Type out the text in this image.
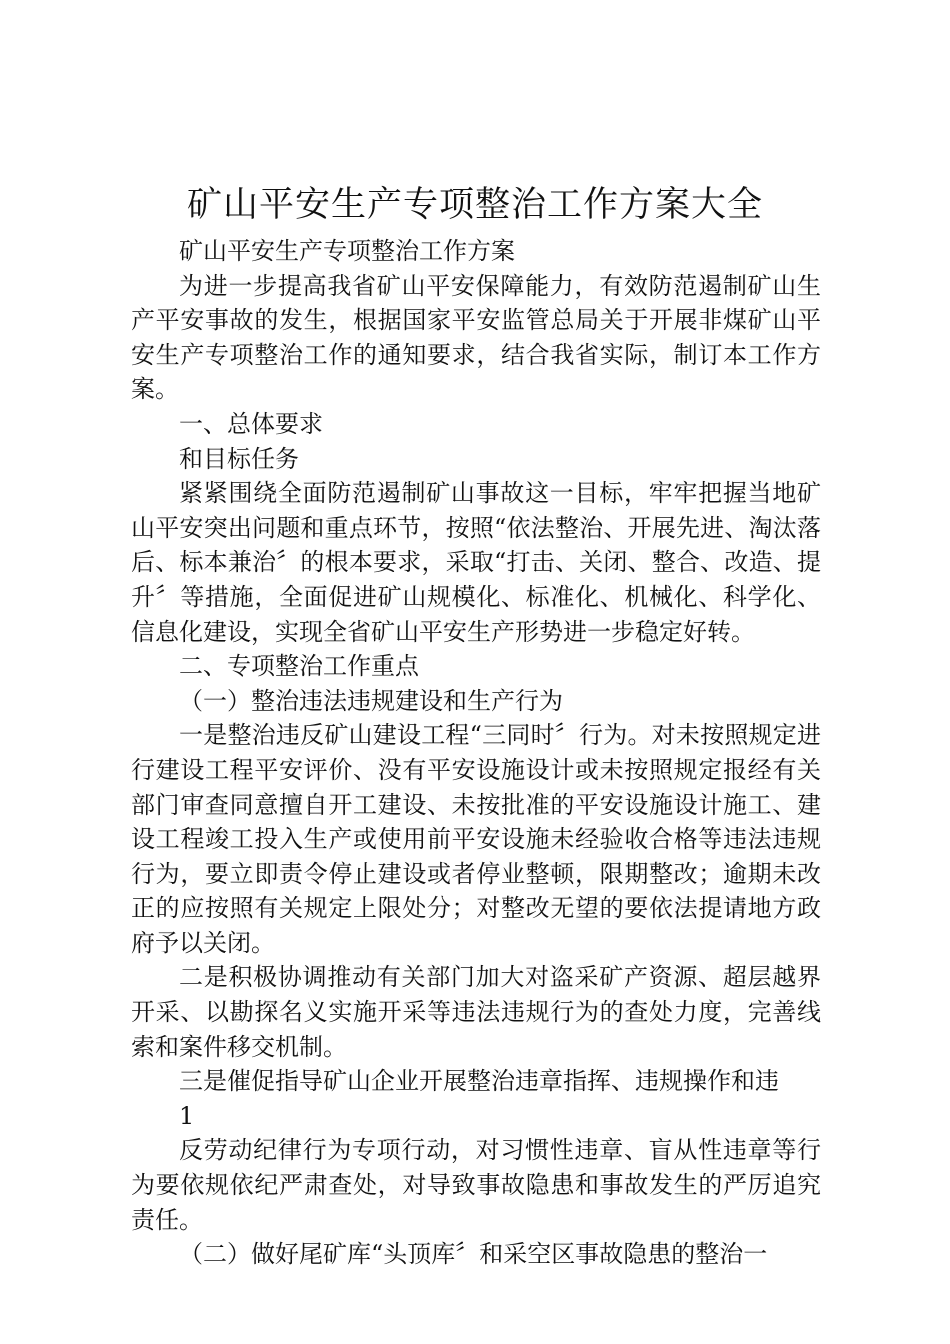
矿山平安生产专项整治工作方案大全

矿山平安生产专项整治工作方案

为进一步提高我省矿山平安保障能力，有效防范遏制矿山生产平安事故的发生，根据国家平安监管总局关于开展非煤矿山平安生产专项整治工作的通知要求，结合我省实际，制订本工作方案。

一、总体要求

和目标任务

紧紧围绕全面防范遏制矿山事故这一目标，牢牢把握当地矿山平安突出问题和重点环节，按照“依法整治、开展先进、淘汰落后、标本兼治〞的根本要求，采取“打击、关闭、整合、改造、提升〞等措施，全面促进矿山规模化、标准化、机械化、科学化、信息化建设，实现全省矿山平安生产形势进一步稳定好转。

二、专项整治工作重点

（一）整治违法违规建设和生产行为

一是整治违反矿山建设工程“三同时〞行为。对未按照规定进行建设工程平安评价、没有平安设施设计或未按照规定报经有关部门审查同意擅自开工建设、未按批准的平安设施设计施工、建设工程竣工投入生产或使用前平安设施未经验收合格等违法违规行为，要立即责令停止建设或者停业整顿，限期整改；逾期未改正的应按照有关规定上限处分；对整改无望的要依法提请地方政府予以关闭。

二是积极协调推动有关部门加大对盗采矿产资源、超层越界开采、以勘探名义实施开采等违法违规行为的查处力度，完善线索和案件移交机制。

三是催促指导矿山企业开展整治违章指挥、违规操作和违

1

反劳动纪律行为专项行动，对习惯性违章、盲从性违章等行为要依规依纪严肃查处，对导致事故隐患和事故发生的严厉追究责任。

（二）做好尾矿库“头顶库〞和采空区事故隐患的整治一
